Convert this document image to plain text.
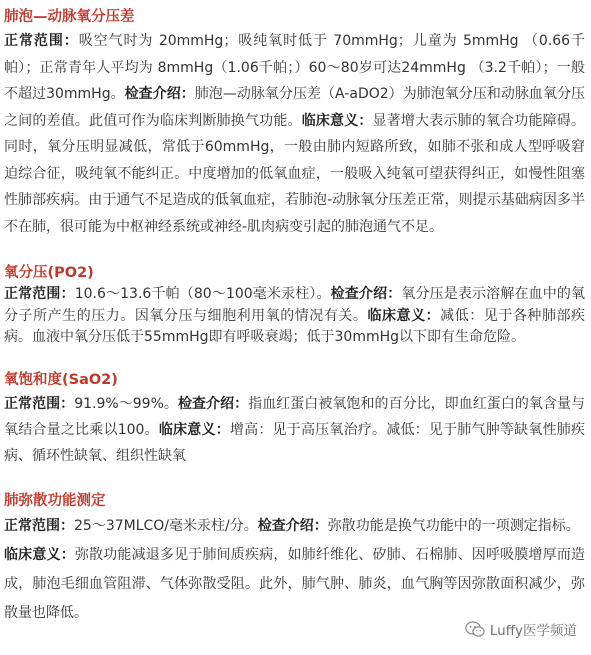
肺泡—动脉氧分压差

正常范围：吸空气时为 20mmHg；吸纯氧时低于 70mmHg；儿童为 5mmHg （0.66千帕）；正常青年人平均为 8mmHg（1.06千帕；）60～80岁可达24mmHg （3.2千帕）；一般不超过30mmHg。检查介绍：肺泡—动脉氧分压差（A-aDO2）为肺泡氧分压和动脉血氧分压之间的差值。此值可作为临床判断肺换气功能。临床意义：显著增大表示肺的氧合功能障碍。同时，氧分压明显减低，常低于60mmHg，一般由肺内短路所致，如肺不张和成人型呼吸窘迫综合征，吸纯氧不能纠正。中度增加的低氧血症，一般吸入纯氧可望获得纠正，如慢性阻塞性肺部疾病。由于通气不足造成的低氧血症，若肺泡-动脉氧分压差正常，则提示基础病因多半不在肺，很可能为中枢神经系统或神经-肌肉病变引起的肺泡通气不足。

氧分压(PO2)

正常范围：10.6～13.6千帕（80～100毫米汞柱）。检查介绍：氧分压是表示溶解在血中的氧分子所产生的压力。因氧分压与细胞利用氧的情况有关。临床意义：减低：见于各种肺部疾病。血液中氧分压低于55mmHg即有呼吸衰竭；低于30mmHg以下即有生命危险。

氧饱和度(SaO2)

正常范围：91.9%～99%。检查介绍：指血红蛋白被氧饱和的百分比，即血红蛋白的氧含量与氧结合量之比乘以100。临床意义：增高：见于高压氧治疗。减低：见于肺气肿等缺氧性肺疾病、循环性缺氧、组织性缺氧

肺弥散功能测定

正常范围：25～37MLCO/毫米汞柱/分。检查介绍：弥散功能是换气功能中的一项测定指标。
临床意义：弥散功能减退多见于肺间质疾病，如肺纤维化、矽肺、石棉肺、因呼吸膜增厚而造成，肺泡毛细血管阻滞、气体弥散受阻。此外，肺气肿、肺炎，血气胸等因弥散面积减少，弥散量也降低。

Luffy医学频道
